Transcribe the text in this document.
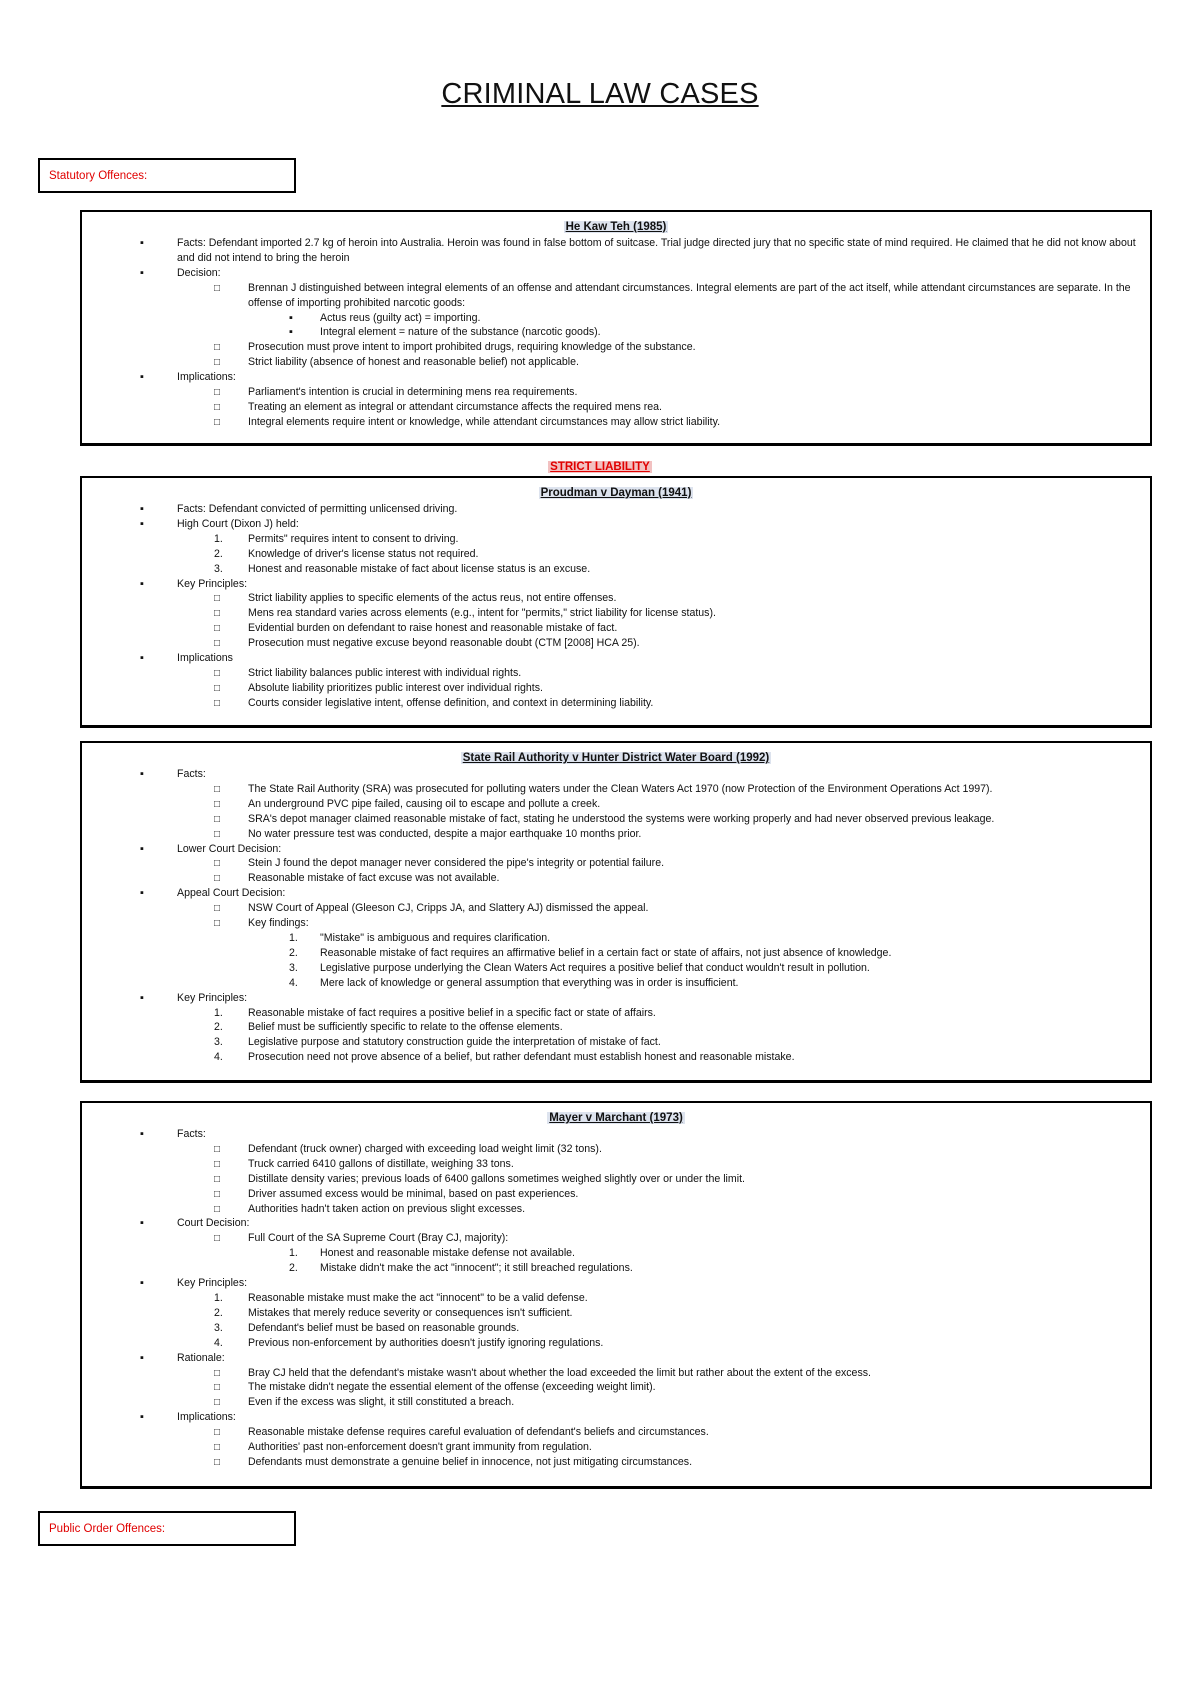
CRIMINAL LAW CASES
Statutory Offences:
He Kaw Teh (1985)
▪
Facts: Defendant imported 2.7 kg of heroin into Australia. Heroin was found in false bottom of suitcase. Trial judge directed jury that no specific state of mind required. He claimed that he did not know about and did not intend to bring the heroin
▪
Decision:
□
Brennan J distinguished between integral elements of an offense and attendant circumstances. Integral elements are part of the act itself, while attendant circumstances are separate. In the offense of importing prohibited narcotic goods:
▪
Actus reus (guilty act) = importing.
▪
Integral element = nature of the substance (narcotic goods).
□
Prosecution must prove intent to import prohibited drugs, requiring knowledge of the substance.
□
Strict liability (absence of honest and reasonable belief) not applicable.
▪
Implications:
□
Parliament's intention is crucial in determining mens rea requirements.
□
Treating an element as integral or attendant circumstance affects the required mens rea.
□
Integral elements require intent or knowledge, while attendant circumstances may allow strict liability.
STRICT LIABILITY
Proudman v Dayman (1941)
▪
Facts: Defendant convicted of permitting unlicensed driving.
▪
High Court (Dixon J) held:
1. Permits" requires intent to consent to driving.
2. Knowledge of driver's license status not required.
3. Honest and reasonable mistake of fact about license status is an excuse.
▪
Key Principles:
□
Strict liability applies to specific elements of the actus reus, not entire offenses.
□
Mens rea standard varies across elements (e.g., intent for "permits," strict liability for license status).
□
Evidential burden on defendant to raise honest and reasonable mistake of fact.
□
Prosecution must negative excuse beyond reasonable doubt (CTM [2008] HCA 25).
▪
Implications
□
Strict liability balances public interest with individual rights.
□
Absolute liability prioritizes public interest over individual rights.
□
Courts consider legislative intent, offense definition, and context in determining liability.
State Rail Authority v Hunter District Water Board (1992)
▪
Facts:
□
The State Rail Authority (SRA) was prosecuted for polluting waters under the Clean Waters Act 1970 (now Protection of the Environment Operations Act 1997).
□
An underground PVC pipe failed, causing oil to escape and pollute a creek.
□
SRA's depot manager claimed reasonable mistake of fact, stating he understood the systems were working properly and had never observed previous leakage.
□
No water pressure test was conducted, despite a major earthquake 10 months prior.
▪
Lower Court Decision:
□
Stein J found the depot manager never considered the pipe's integrity or potential failure.
□
Reasonable mistake of fact excuse was not available.
▪
Appeal Court Decision:
□
NSW Court of Appeal (Gleeson CJ, Cripps JA, and Slattery AJ) dismissed the appeal.
□
Key findings:
1. "Mistake" is ambiguous and requires clarification.
2. Reasonable mistake of fact requires an affirmative belief in a certain fact or state of affairs, not just absence of knowledge.
3. Legislative purpose underlying the Clean Waters Act requires a positive belief that conduct wouldn't result in pollution.
4. Mere lack of knowledge or general assumption that everything was in order is insufficient.
▪
Key Principles:
1. Reasonable mistake of fact requires a positive belief in a specific fact or state of affairs.
2. Belief must be sufficiently specific to relate to the offense elements.
3. Legislative purpose and statutory construction guide the interpretation of mistake of fact.
4. Prosecution need not prove absence of a belief, but rather defendant must establish honest and reasonable mistake.
Mayer v Marchant (1973)
▪
Facts:
□
Defendant (truck owner) charged with exceeding load weight limit (32 tons).
□
Truck carried 6410 gallons of distillate, weighing 33 tons.
□
Distillate density varies; previous loads of 6400 gallons sometimes weighed slightly over or under the limit.
□
Driver assumed excess would be minimal, based on past experiences.
□
Authorities hadn't taken action on previous slight excesses.
▪
Court Decision:
□
Full Court of the SA Supreme Court (Bray CJ, majority):
1. Honest and reasonable mistake defense not available.
2. Mistake didn't make the act "innocent"; it still breached regulations.
▪
Key Principles:
1. Reasonable mistake must make the act "innocent" to be a valid defense.
2. Mistakes that merely reduce severity or consequences isn't sufficient.
3. Defendant's belief must be based on reasonable grounds.
4. Previous non-enforcement by authorities doesn't justify ignoring regulations.
▪
Rationale:
□
Bray CJ held that the defendant's mistake wasn't about whether the load exceeded the limit but rather about the extent of the excess.
□
The mistake didn't negate the essential element of the offense (exceeding weight limit).
□
Even if the excess was slight, it still constituted a breach.
▪
Implications:
□
Reasonable mistake defense requires careful evaluation of defendant's beliefs and circumstances.
□
Authorities' past non-enforcement doesn't grant immunity from regulation.
□
Defendants must demonstrate a genuine belief in innocence, not just mitigating circumstances.
Public Order Offences:
